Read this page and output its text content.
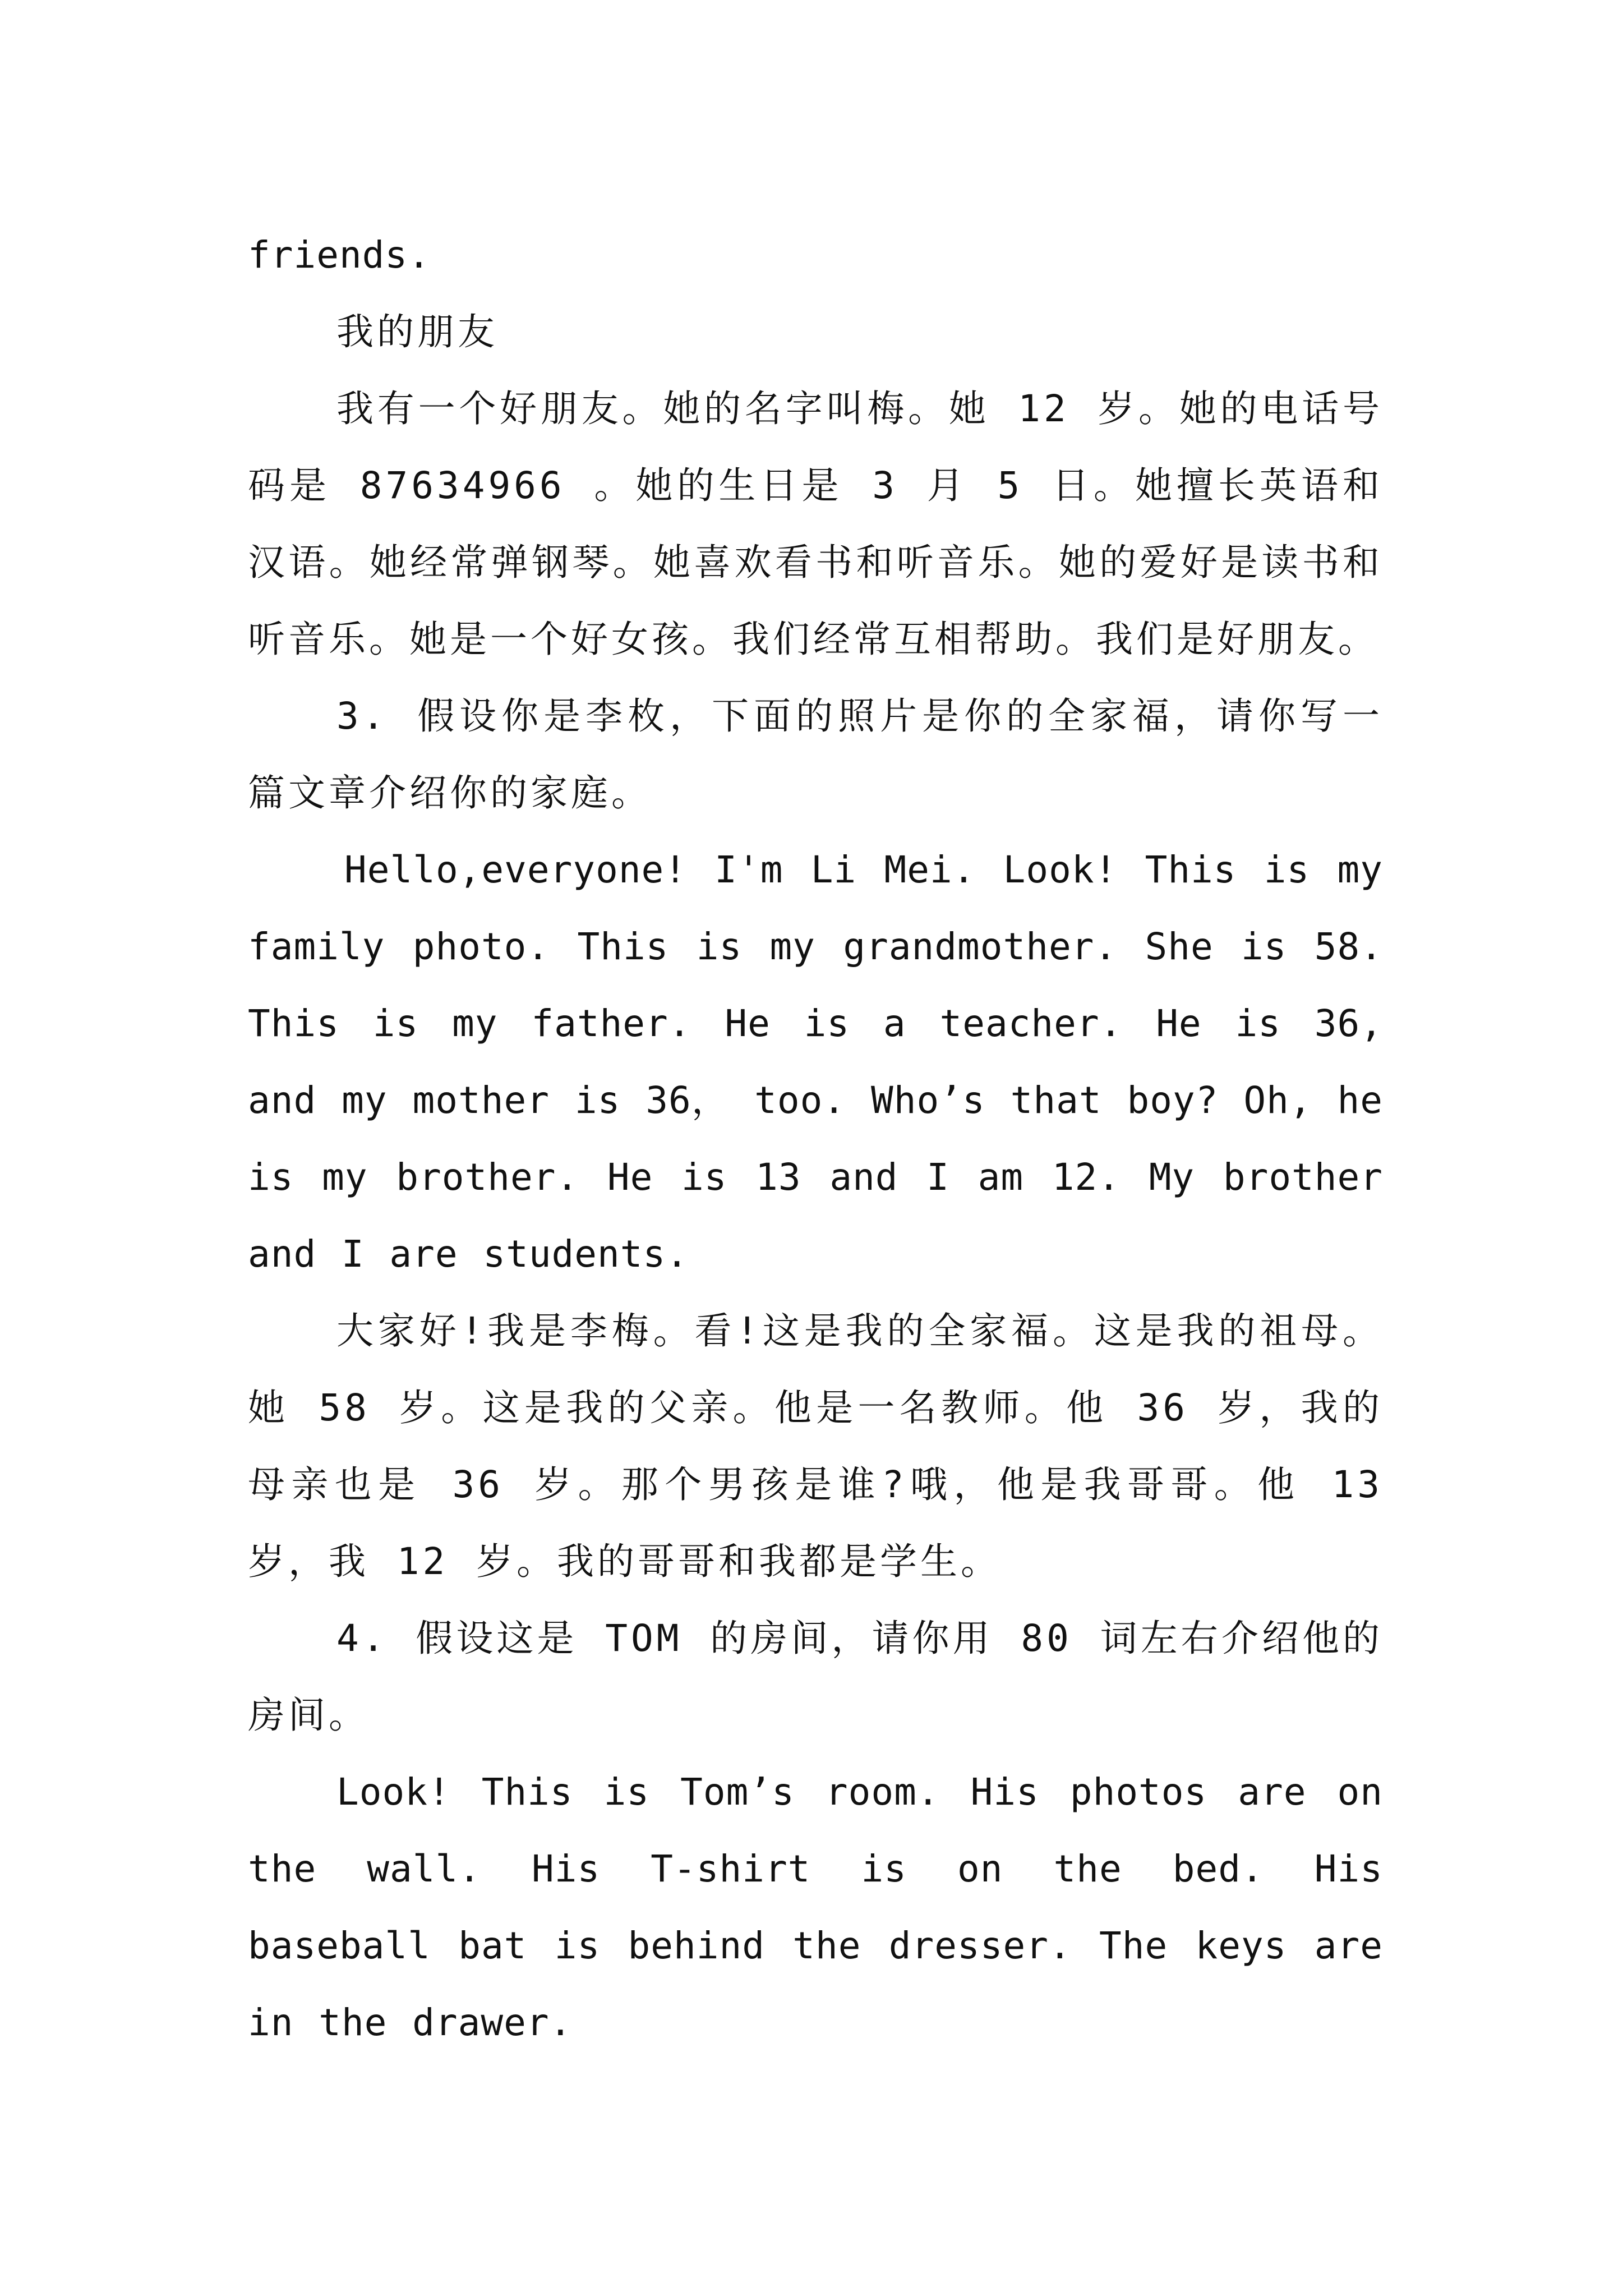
friends.

我的朋友

我有一个好朋友。她的名字叫梅。她 12 岁。她的电话号码是 87634966 。她的生日是 3 月 5 日。她擅长英语和汉语。她经常弹钢琴。她喜欢看书和听音乐。她的爱好是读书和听音乐。她是一个好女孩。我们经常互相帮助。我们是好朋友。

3. 假设你是李枚，下面的照片是你的全家福，请你写一篇文章介绍你的家庭。

Hello,everyone! I'm Li Mei. Look! This is my family photo. This is my grandmother. She is 58. This is my father. He is a teacher. He is 36, and my mother is 36， too. Who’s that boy? Oh, he is my brother. He is 13 and I am 12. My brother and I are students.

大家好!我是李梅。看!这是我的全家福。这是我的祖母。她 58 岁。这是我的父亲。他是一名教师。他 36 岁，我的母亲也是 36 岁。那个男孩是谁?哦，他是我哥哥。他 13 岁，我 12 岁。我的哥哥和我都是学生。

4. 假设这是 TOM 的房间，请你用 80 词左右介绍他的房间。

Look! This is Tom’s room. His photos are on the wall. His T-shirt is on the bed. His baseball bat is behind the dresser. The keys are in the drawer.
